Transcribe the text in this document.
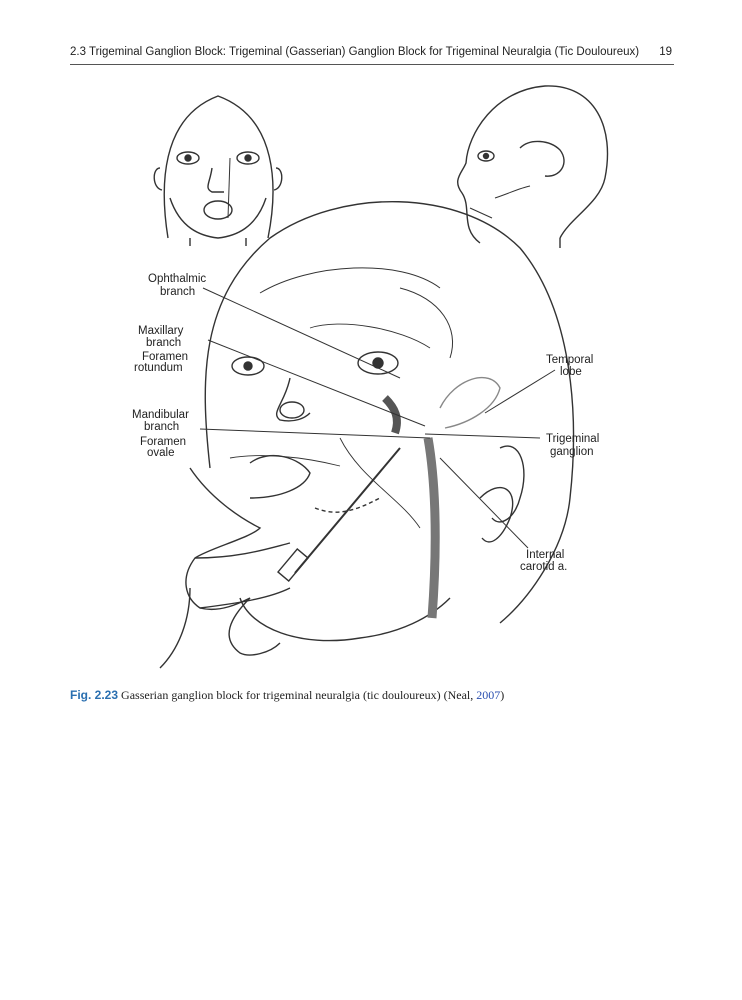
2.3 Trigeminal Ganglion Block: Trigeminal (Gasserian) Ganglion Block for Trigeminal Neuralgia (Tic Douloureux) 19
Ophthalmic
branch
Maxillary
branch
Foramen
rotundum
Mandibular
branch
Foramen
ovale
Temporal
lobe
Trigeminal
ganglion
Internal
carotid a.
Fig. 2.23 Gasserian ganglion block for trigeminal neuralgia (tic douloureux) (Neal, 2007)
